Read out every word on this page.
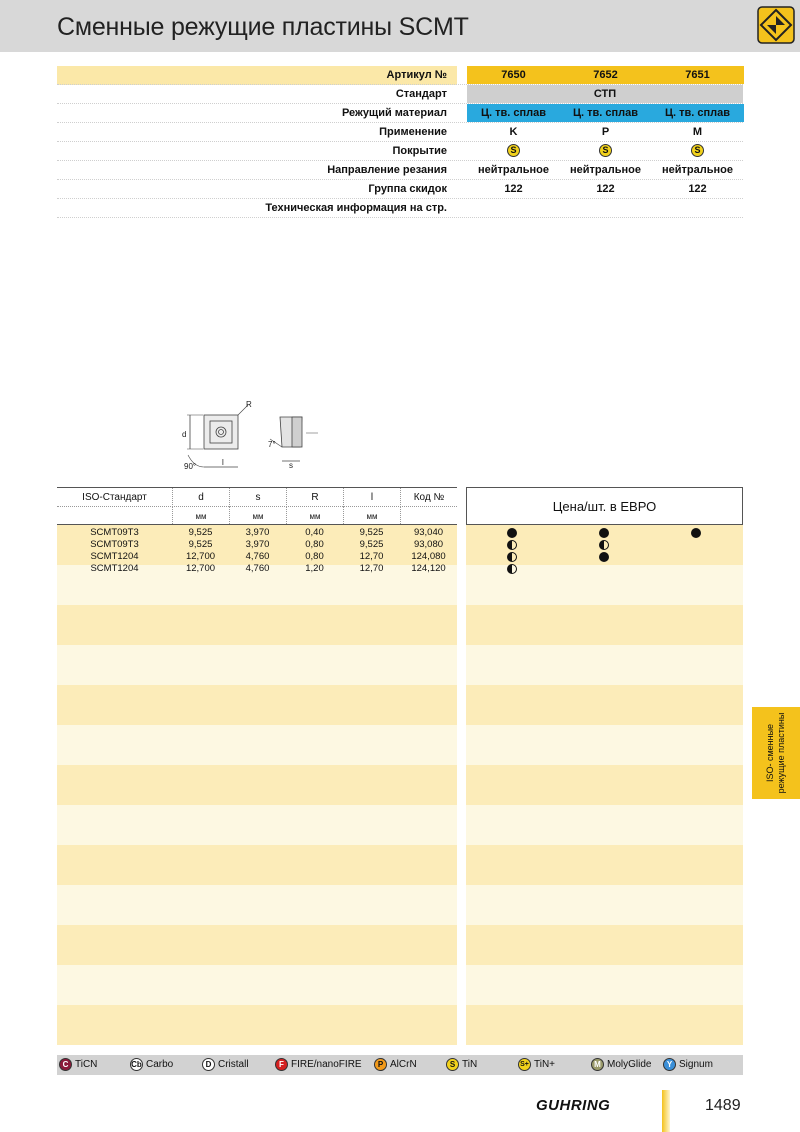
Сменные режущие пластины SCMT
Артикул №	7650	7652	7651
Стандарт	СТП
Режущий материал	Ц. тв. сплав	Ц. тв. сплав	Ц. тв. сплав
Применение	K	P	M
Покрытие	S	S	S
Направление резания	нейтральное	нейтральное	нейтральное
Группа скидок	122	122	122
Техническая информация на стр.
d
l
R
90°	s
7°
ISO-Стандарт	d	s	R	l	Код №
мм	мм	мм	мм
SCMT09T3	9,525	3,970	0,40	9,525	93,040
SCMT09T3	9,525	3,970	0,80	9,525	93,080
SCMT1204	12,700	4,760	0,80	12,70	124,080
SCMT1204	12,700	4,760	1,20	12,70	124,120
Цена/шт. в ЕВРО
ISO- сменные режущие пластины
C TiCN	Cb Carbo	D Cristall	F FIRE/nanoFIRE	P AlCrN	S TiN	S+ TiN+	M MolyGlide	Y Signum
GUHRING	1489
